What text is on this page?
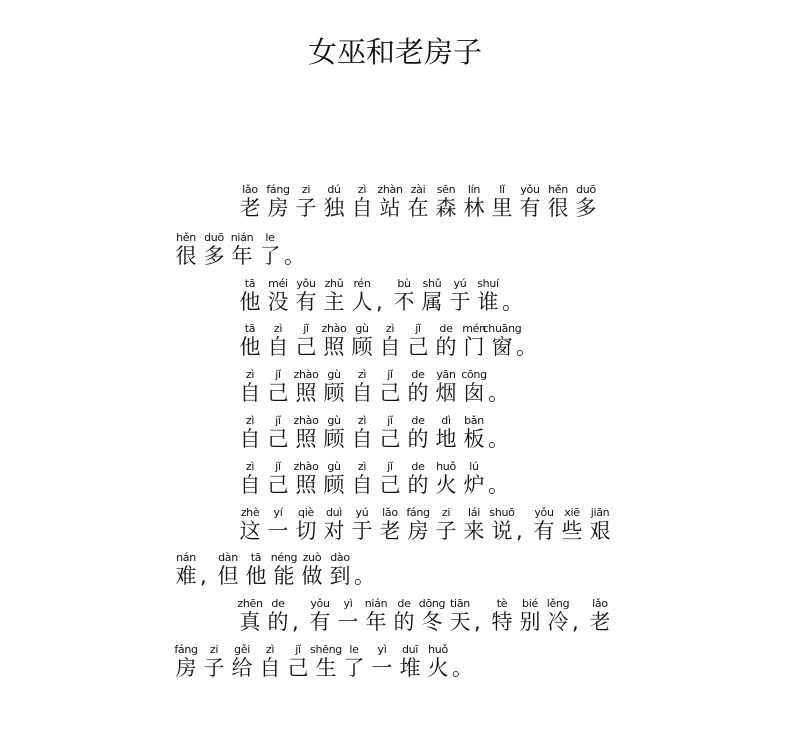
女巫和老房子
lǎo
老
fáng
房
zi
子
dú
独
zì
自
zhàn
站
zài
在
sēn
森
lín
林
lǐ
里
yǒu
有
hěn
很
duō
多
hěn
很
duō
多
nián
年
le
了 。
tā
他
méi
没
yǒu
有
zhǔ
主
rén
人 ,
bù
不
shǔ
属
yú
于
shuí
谁 。
tā
他
zì
自
jǐ
己
zhào
照
gù
顾
zì
自
jǐ
己
de
的
mén
门
chuāng
窗 。
zì
自
jǐ
己
zhào
照
gù
顾
zì
自
jǐ
己
de
的
yān
烟
cōng
囱 。
zì
自
jǐ
己
zhào
照
gù
顾
zì
自
jǐ
己
de
的
dì
地
bǎn
板 。
zì
自
jǐ
己
zhào
照
gù
顾
zì
自
jǐ
己
de
的
huǒ
火
lú
炉 。
zhè
这
yí
一
qiè
切
duì
对
yú
于
lǎo
老
fáng
房
zi
子
lái
来
shuō
说 ,
yǒu
有
xiē
些
jiān
艰
nán
难 ,
dàn
但
tā
他
néng
能
zuò
做
dào
到 。
zhēn
真
de
的 ,
yǒu
有
yì
一
nián
年
de
的
dōng
冬
tiān
天 ,
tè
特
bié
别
lěng
冷 ,
lǎo
老
fáng
房
zi
子
gěi
给
zì
自
jǐ
己
shēng
生
le
了
yì
一
duī
堆
huǒ
火 。
